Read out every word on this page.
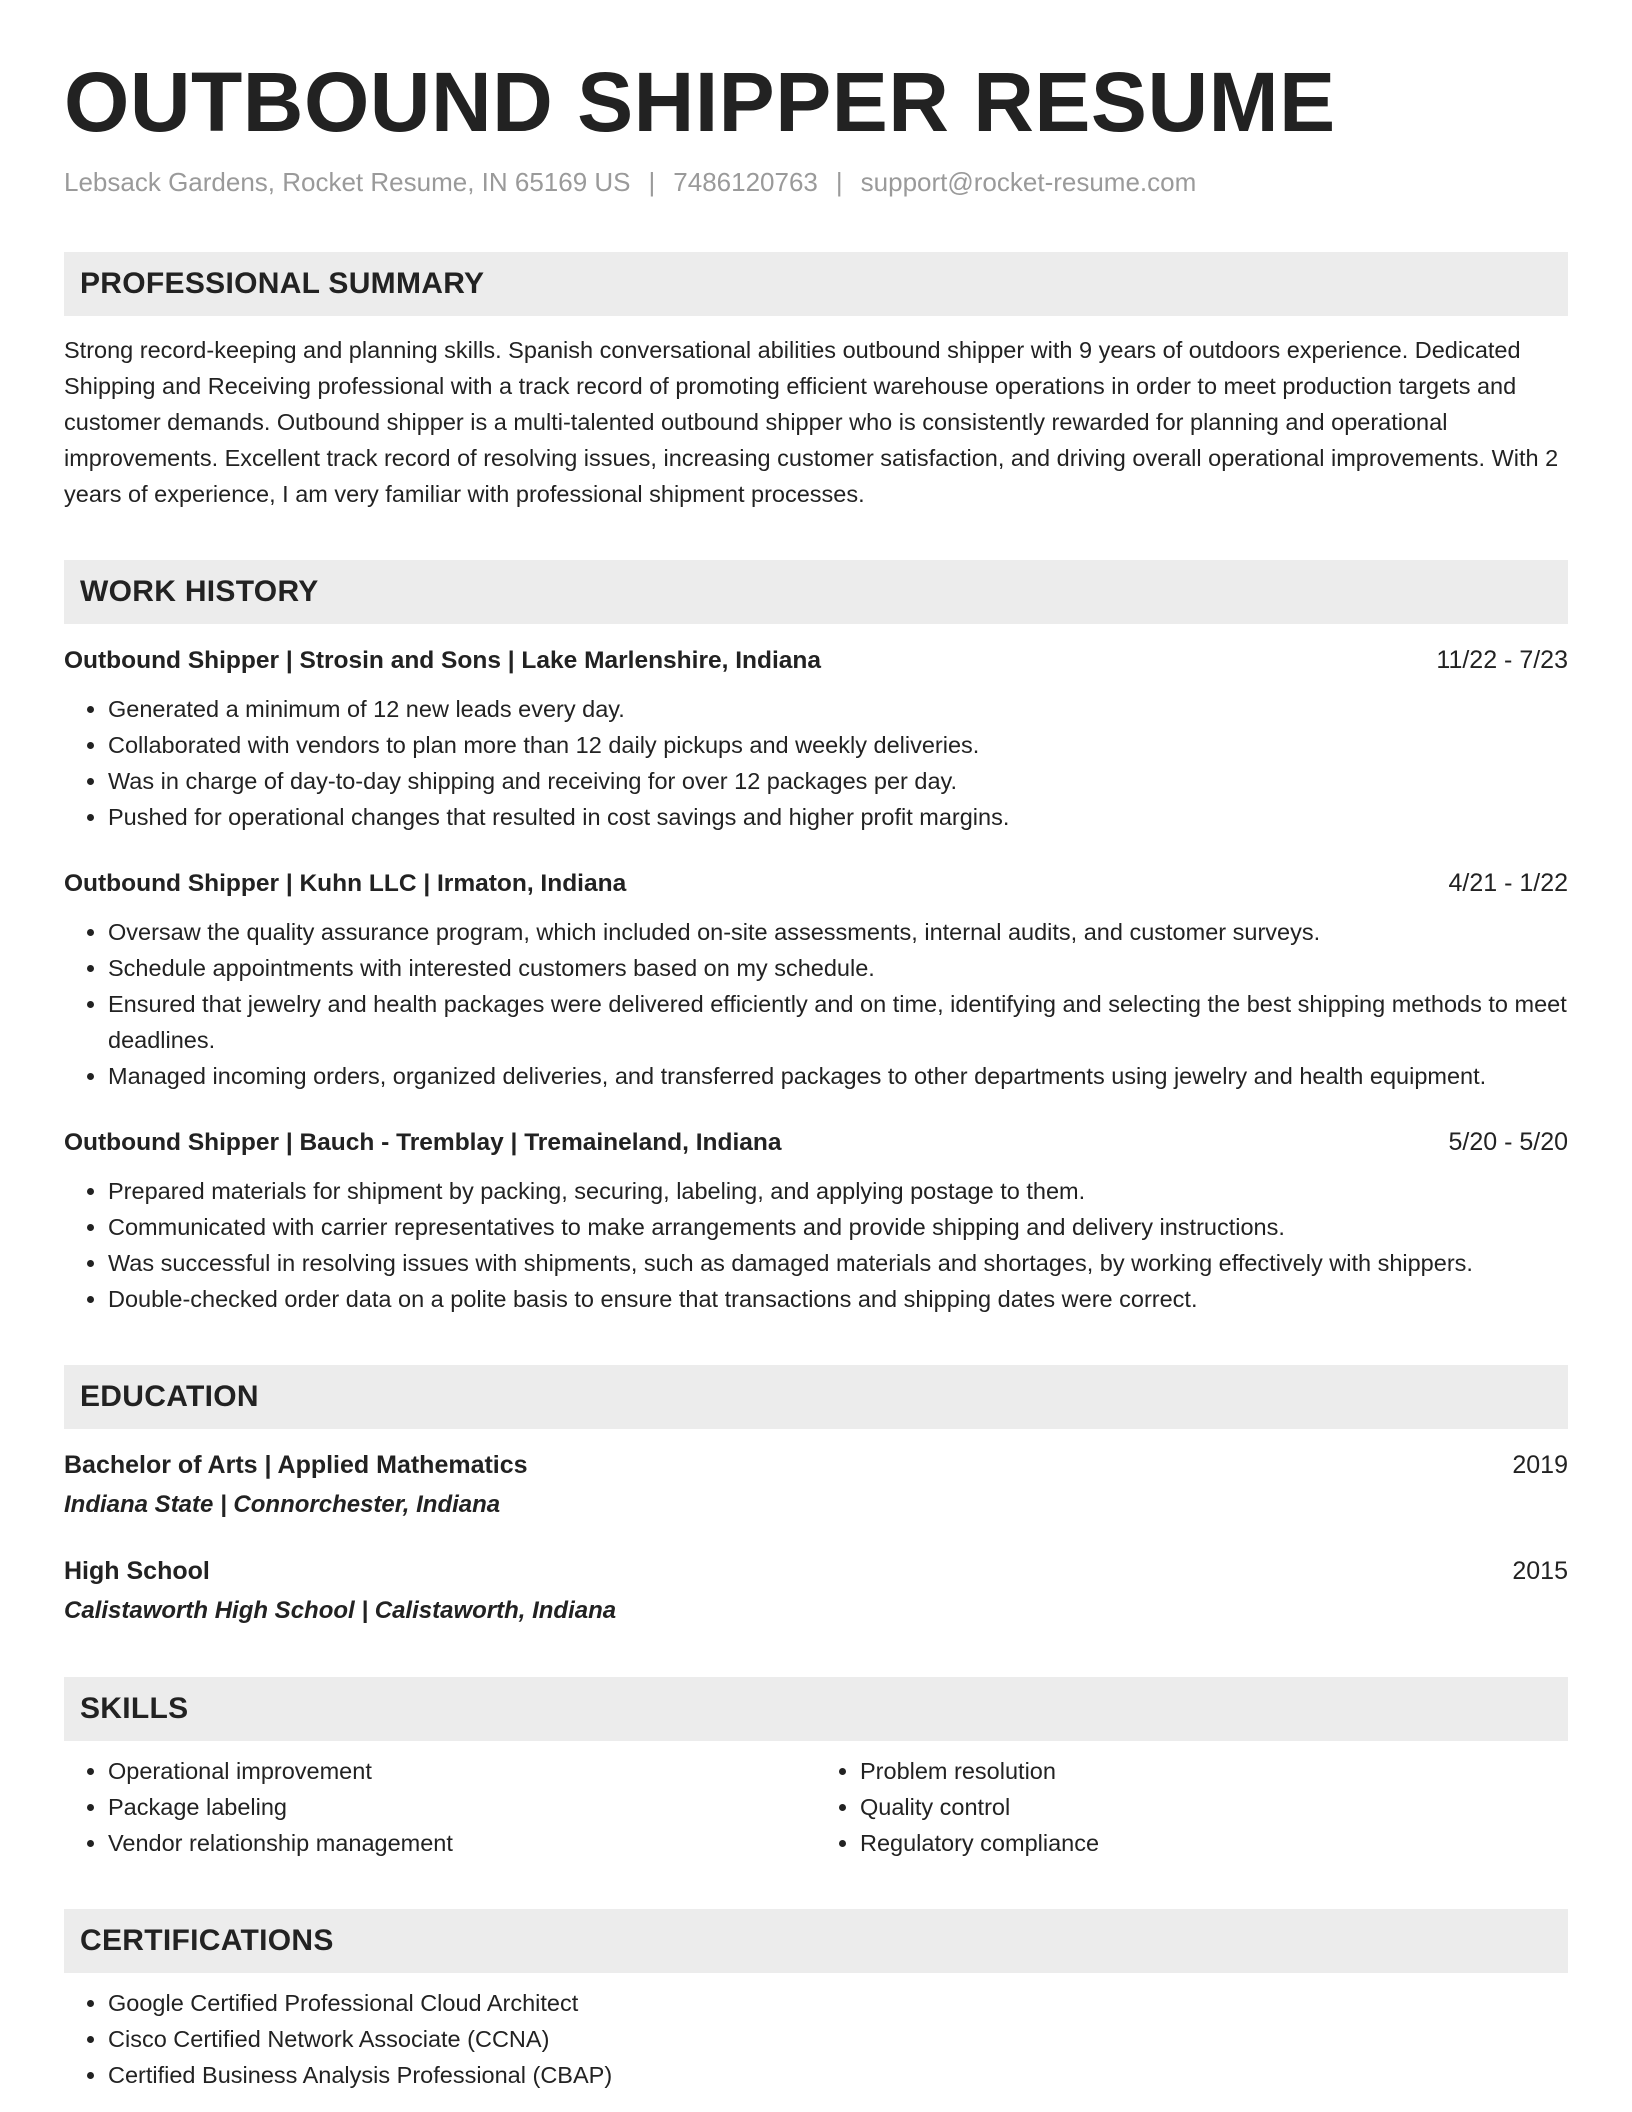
OUTBOUND SHIPPER RESUME
Lebsack Gardens, Rocket Resume, IN 65169 US | 7486120763 | support@rocket-resume.com
PROFESSIONAL SUMMARY

Strong record-keeping and planning skills. Spanish conversational abilities outbound shipper with 9 years of outdoors experience. Dedicated Shipping and Receiving professional with a track record of promoting efficient warehouse operations in order to meet production targets and customer demands. Outbound shipper is a multi-talented outbound shipper who is consistently rewarded for planning and operational improvements. Excellent track record of resolving issues, increasing customer satisfaction, and driving overall operational improvements. With 2 years of experience, I am very familiar with professional shipment processes.

WORK HISTORY
Outbound Shipper | Strosin and Sons | Lake Marlenshire, Indiana	11/22 - 7/23
• Generated a minimum of 12 new leads every day.
• Collaborated with vendors to plan more than 12 daily pickups and weekly deliveries.
• Was in charge of day-to-day shipping and receiving for over 12 packages per day.
• Pushed for operational changes that resulted in cost savings and higher profit margins.
Outbound Shipper | Kuhn LLC | Irmaton, Indiana	4/21 - 1/22
• Oversaw the quality assurance program, which included on-site assessments, internal audits, and customer surveys.
• Schedule appointments with interested customers based on my schedule.
• Ensured that jewelry and health packages were delivered efficiently and on time, identifying and selecting the best shipping methods to meet deadlines.
• Managed incoming orders, organized deliveries, and transferred packages to other departments using jewelry and health equipment.
Outbound Shipper | Bauch - Tremblay | Tremaineland, Indiana	5/20 - 5/20
• Prepared materials for shipment by packing, securing, labeling, and applying postage to them.
• Communicated with carrier representatives to make arrangements and provide shipping and delivery instructions.
• Was successful in resolving issues with shipments, such as damaged materials and shortages, by working effectively with shippers.
• Double-checked order data on a polite basis to ensure that transactions and shipping dates were correct.
EDUCATION
Bachelor of Arts | Applied Mathematics	2019
Indiana State | Connorchester, Indiana
High School	2015
Calistaworth High School | Calistaworth, Indiana
SKILLS
• Operational improvement
• Package labeling
• Vendor relationship management
• Problem resolution
• Quality control
• Regulatory compliance
CERTIFICATIONS
• Google Certified Professional Cloud Architect
• Cisco Certified Network Associate (CCNA)
• Certified Business Analysis Professional (CBAP)
